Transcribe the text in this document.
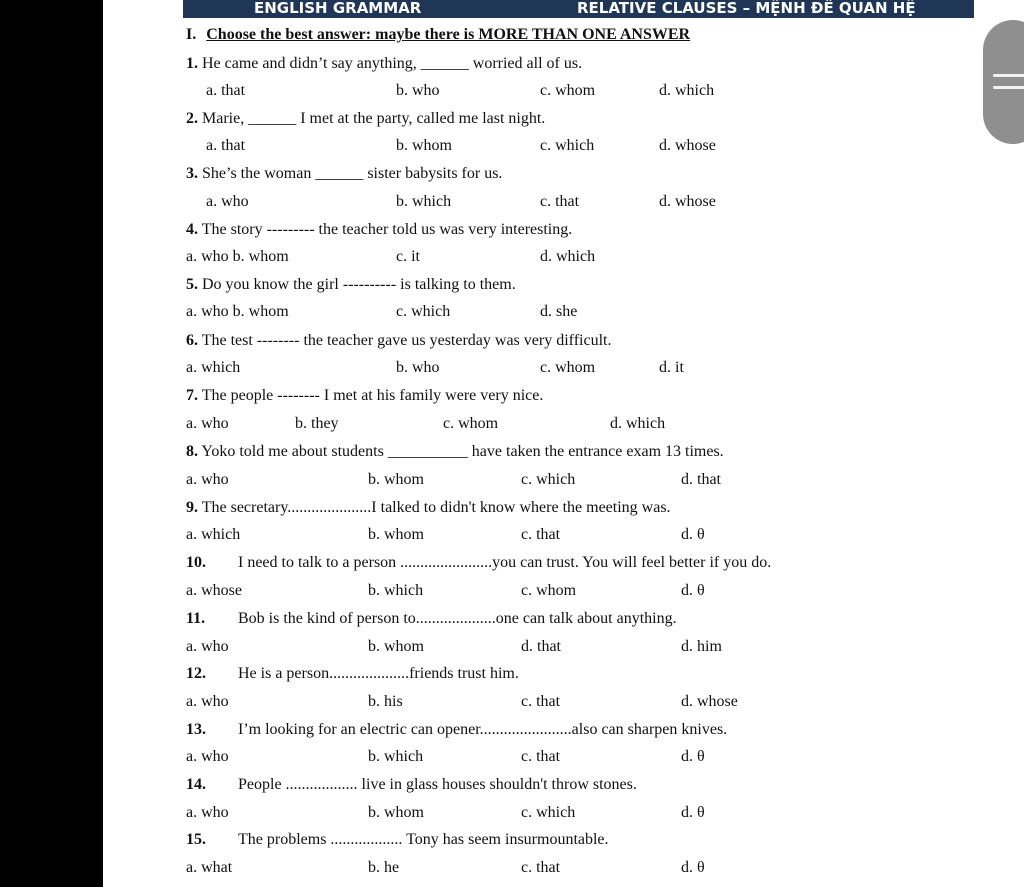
ENGLISH GRAMMAR	RELATIVE CLAUSES – MỆNH ĐỀ QUAN HỆ
I. Choose the best answer: maybe there is MORE THAN ONE ANSWER
1. He came and didn’t say anything, ______ worried all of us.
a. that	b. who	c. whom	d. which
2. Marie, ______ I met at the party, called me last night.
a. that	b. whom	c. which	d. whose
3. She’s the woman ______ sister babysits for us.
a. who	b. which	c. that	d. whose
4. The story --------- the teacher told us was very interesting.
a. who b. whom	c. it	d. which
5. Do you know the girl ---------- is talking to them.
a. who b. whom	c. which	d. she
6. The test -------- the teacher gave us yesterday was very difficult.
a. which	b. who	c. whom	d. it
7. The people -------- I met at his family were very nice.
a. who	b. they	c. whom	d. which
8. Yoko told me about students __________ have taken the entrance exam 13 times.
a. who	b. whom	c. which	d. that
9. The secretary.....................I talked to didn't know where the meeting was.
a. which	b. whom	c. that	d. θ
10. I need to talk to a person .......................you can trust. You will feel better if you do.
a. whose	b. which	c. whom	d. θ
11. Bob is the kind of person to....................one can talk about anything.
a. who	b. whom	d. that	d. him
12. He is a person....................friends trust him.
a. who	b. his	c. that	d. whose
13. I’m looking for an electric can opener.......................also can sharpen knives.
a. who	b. which	c. that	d. θ
14. People .................. live in glass houses shouldn't throw stones.
a. who	b. whom	c. which	d. θ
15. The problems .................. Tony has seem insurmountable.
a. what	b. he	c. that	d. θ
